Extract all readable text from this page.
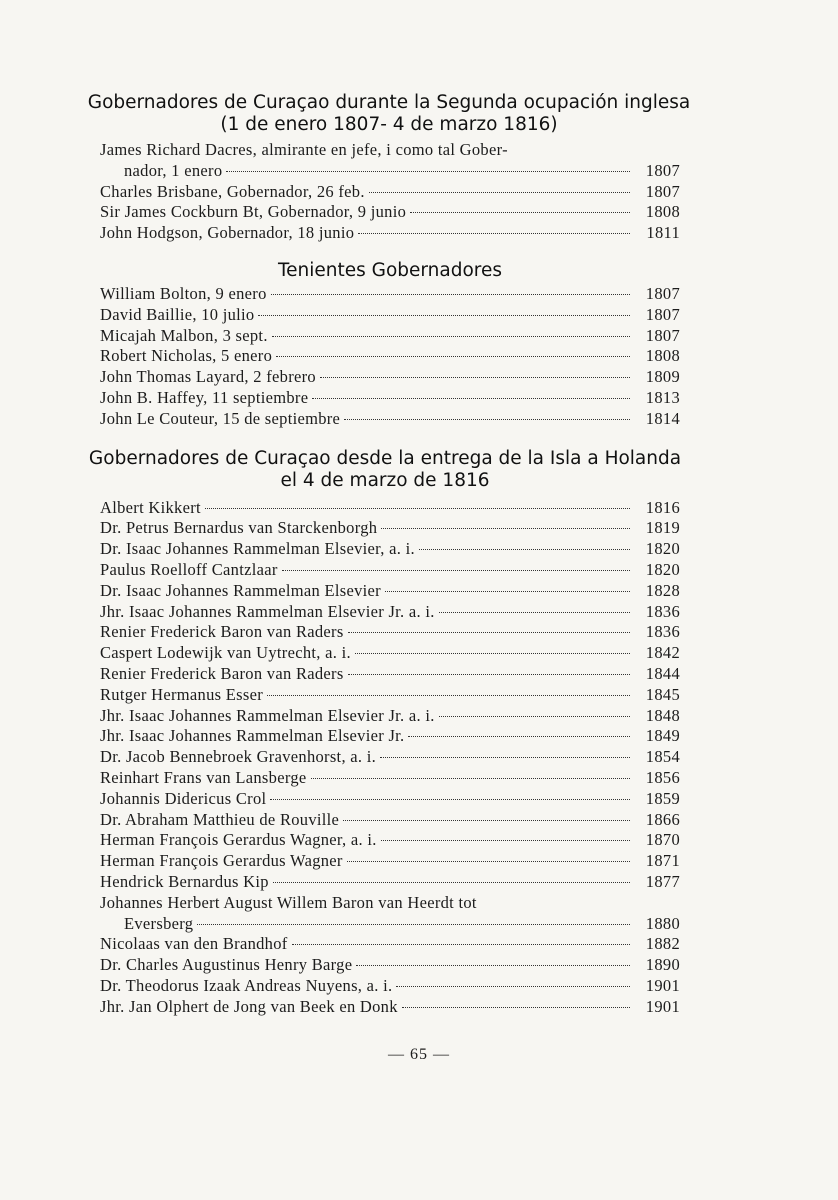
Gobernadores de Curaçao durante la Segunda ocupación inglesa
(1 de enero 1807- 4 de marzo 1816)
James Richard Dacres, almirante en jefe, i como tal Gober-
nador, 1 enero	1807
Charles Brisbane, Gobernador, 26 feb.	1807
Sir James Cockburn Bt, Gobernador, 9 junio	1808
John Hodgson, Gobernador, 18 junio	1811
Tenientes Gobernadores
William Bolton, 9 enero	1807
David Baillie, 10 julio	1807
Micajah Malbon, 3 sept.	1807
Robert Nicholas, 5 enero	1808
John Thomas Layard, 2 febrero	1809
John B. Haffey, 11 septiembre	1813
John Le Couteur, 15 de septiembre	1814
Gobernadores de Curaçao desde la entrega de la Isla a Holanda
el 4 de marzo de 1816
Albert Kikkert	1816
Dr. Petrus Bernardus van Starckenborgh	1819
Dr. Isaac Johannes Rammelman Elsevier, a. i.	1820
Paulus Roelloff Cantzlaar	1820
Dr. Isaac Johannes Rammelman Elsevier	1828
Jhr. Isaac Johannes Rammelman Elsevier Jr. a. i.	1836
Renier Frederick Baron van Raders	1836
Caspert Lodewijk van Uytrecht, a. i.	1842
Renier Frederick Baron van Raders	1844
Rutger Hermanus Esser	1845
Jhr. Isaac Johannes Rammelman Elsevier Jr. a. i.	1848
Jhr. Isaac Johannes Rammelman Elsevier Jr.	1849
Dr. Jacob Bennebroek Gravenhorst, a. i.	1854
Reinhart Frans van Lansberge	1856
Johannis Didericus Crol	1859
Dr. Abraham Matthieu de Rouville	1866
Herman François Gerardus Wagner, a. i.	1870
Herman François Gerardus Wagner	1871
Hendrick Bernardus Kip	1877
Johannes Herbert August Willem Baron van Heerdt tot
Eversberg	1880
Nicolaas van den Brandhof	1882
Dr. Charles Augustinus Henry Barge	1890
Dr. Theodorus Izaak Andreas Nuyens, a. i.	1901
Jhr. Jan Olphert de Jong van Beek en Donk	1901
— 65 —
